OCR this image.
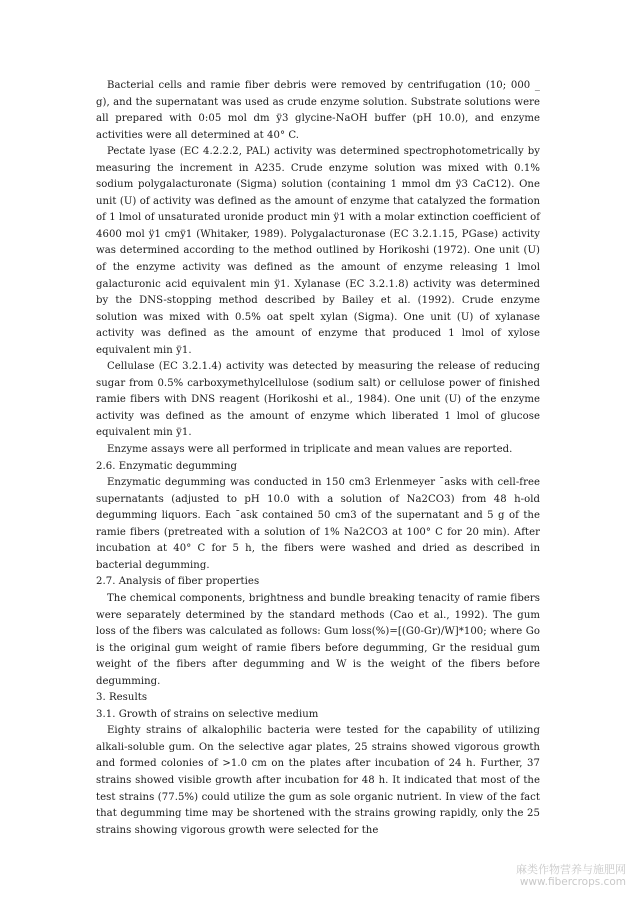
Bacterial cells and ramie fiber debris were removed by centrifugation (10; 000 _ g), and the supernatant was used as crude enzyme solution. Substrate solutions were all prepared with 0:05 mol dm ÿ3 glycine-NaOH buffer (pH 10.0), and enzyme activities were all determined at 40° C.

Pectate lyase (EC 4.2.2.2, PAL) activity was determined spectrophotometrically by measuring the increment in A235. Crude enzyme solution was mixed with 0.1% sodium polygalacturonate (Sigma) solution (containing 1 mmol dm ÿ3 CaC12). One unit (U) of activity was defined as the amount of enzyme that catalyzed the formation of 1 lmol of unsaturated uronide product min ÿ1 with a molar extinction coefficient of 4600 mol ÿ1 cmÿ1 (Whitaker, 1989). Polygalacturonase (EC 3.2.1.15, PGase) activity was determined according to the method outlined by Horikoshi (1972). One unit (U) of the enzyme activity was defined as the amount of enzyme releasing 1 lmol galacturonic acid equivalent min ÿ1. Xylanase (EC 3.2.1.8) activity was determined by the DNS-stopping method described by Bailey et al. (1992). Crude enzyme solution was mixed with 0.5% oat spelt xylan (Sigma). One unit (U) of xylanase activity was defined as the amount of enzyme that produced 1 lmol of xylose equivalent min ÿ1.

Cellulase (EC 3.2.1.4) activity was detected by measuring the release of reducing sugar from 0.5% carboxymethylcellulose (sodium salt) or cellulose power of finished ramie fibers with DNS reagent (Horikoshi et al., 1984). One unit (U) of the enzyme activity was defined as the amount of enzyme which liberated 1 lmol of glucose equivalent min ÿ1.

Enzyme assays were all performed in triplicate and mean values are reported.

2.6. Enzymatic degumming

Enzymatic degumming was conducted in 150 cm3 Erlenmeyer ¯asks with cell-free supernatants (adjusted to pH 10.0 with a solution of Na2CO3) from 48 h-old degumming liquors. Each ¯ask contained 50 cm3 of the supernatant and 5 g of the ramie fibers (pretreated with a solution of 1% Na2CO3 at 100° C for 20 min). After incubation at 40° C for 5 h, the fibers were washed and dried as described in bacterial degumming.

2.7. Analysis of fiber properties

The chemical components, brightness and bundle breaking tenacity of ramie fibers were separately determined by the standard methods (Cao et al., 1992). The gum loss of the fibers was calculated as follows: Gum loss(%)=[(G0-Gr)/W]*100; where Go is the original gum weight of ramie fibers before degumming, Gr the residual gum weight of the fibers after degumming and W is the weight of the fibers before degumming.

3. Results

3.1. Growth of strains on selective medium

Eighty strains of alkalophilic bacteria were tested for the capability of utilizing alkali-soluble gum. On the selective agar plates, 25 strains showed vigorous growth and formed colonies of >1.0 cm on the plates after incubation of 24 h. Further, 37 strains showed visible growth after incubation for 48 h. It indicated that most of the test strains (77.5%) could utilize the gum as sole organic nutrient. In view of the fact that degumming time may be shortened with the strains growing rapidly, only the 25 strains showing vigorous growth were selected for the

麻类作物营养与施肥网
www.fibercrops.com
